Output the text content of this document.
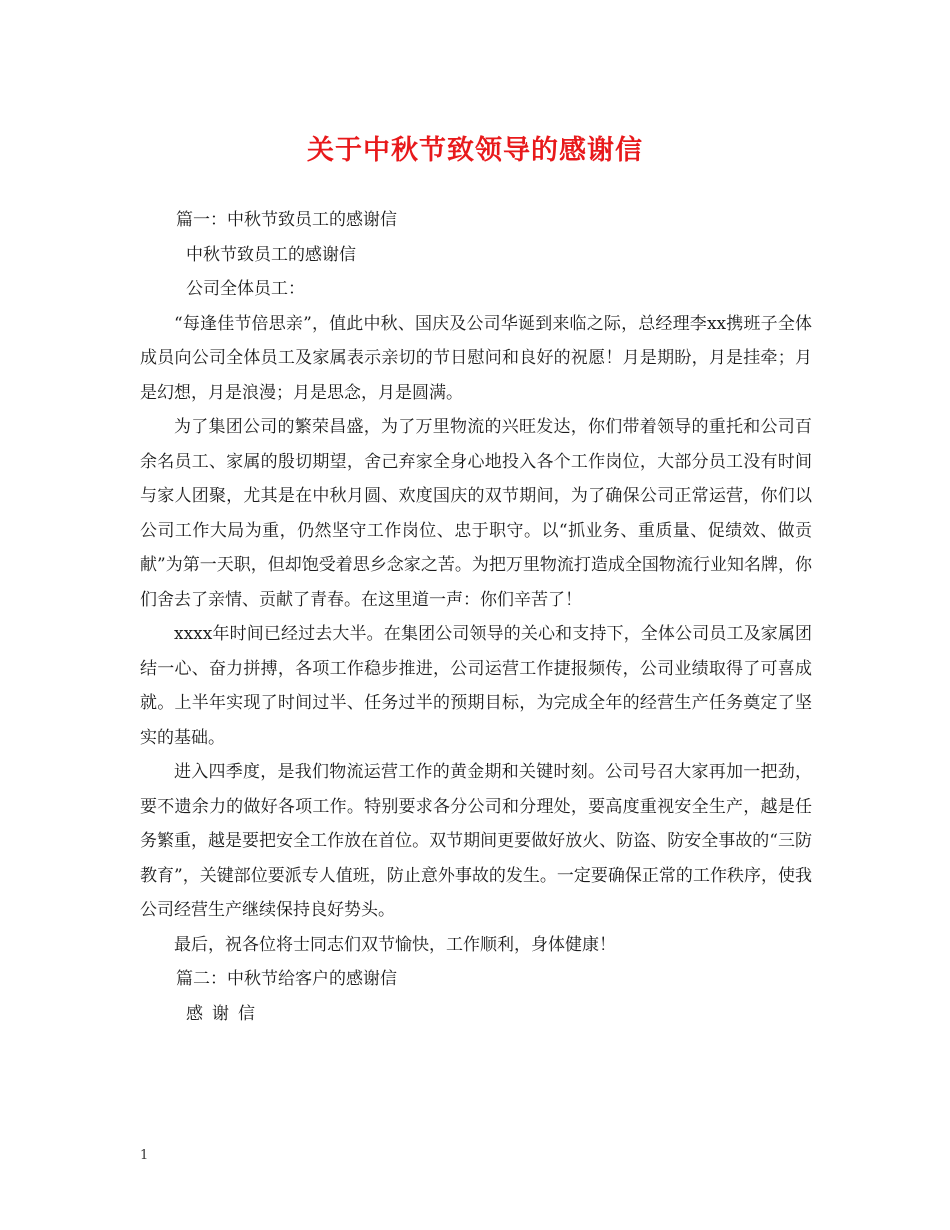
关于中秋节致领导的感谢信
篇一：中秋节致员工的感谢信
中秋节致员工的感谢信
公司全体员工：

“每逢佳节倍思亲”，值此中秋、国庆及公司华诞到来临之际，总经理李xx携班子全体成员向公司全体员工及家属表示亲切的节日慰问和良好的祝愿！月是期盼，月是挂牵；月是幻想，月是浪漫；月是思念，月是圆满。

为了集团公司的繁荣昌盛，为了万里物流的兴旺发达，你们带着领导的重托和公司百余名员工、家属的殷切期望，舍己弃家全身心地投入各个工作岗位，大部分员工没有时间与家人团聚，尤其是在中秋月圆、欢度国庆的双节期间，为了确保公司正常运营，你们以公司工作大局为重，仍然坚守工作岗位、忠于职守。以“抓业务、重质量、促绩效、做贡献”为第一天职，但却饱受着思乡念家之苦。为把万里物流打造成全国物流行业知名牌，你们舍去了亲情、贡献了青春。在这里道一声：你们辛苦了！

xxxx年时间已经过去大半。在集团公司领导的关心和支持下，全体公司员工及家属团结一心、奋力拼搏，各项工作稳步推进，公司运营工作捷报频传，公司业绩取得了可喜成就。上半年实现了时间过半、任务过半的预期目标，为完成全年的经营生产任务奠定了坚实的基础。

进入四季度，是我们物流运营工作的黄金期和关键时刻。公司号召大家再加一把劲，要不遗余力的做好各项工作。特别要求各分公司和分理处，要高度重视安全生产，越是任务繁重，越是要把安全工作放在首位。双节期间更要做好放火、防盗、防安全事故的“三防教育”，关键部位要派专人值班，防止意外事故的发生。一定要确保正常的工作秩序，使我公司经营生产继续保持良好势头。

最后，祝各位将士同志们双节愉快，工作顺利，身体健康！

篇二：中秋节给客户的感谢信
感谢信
1
